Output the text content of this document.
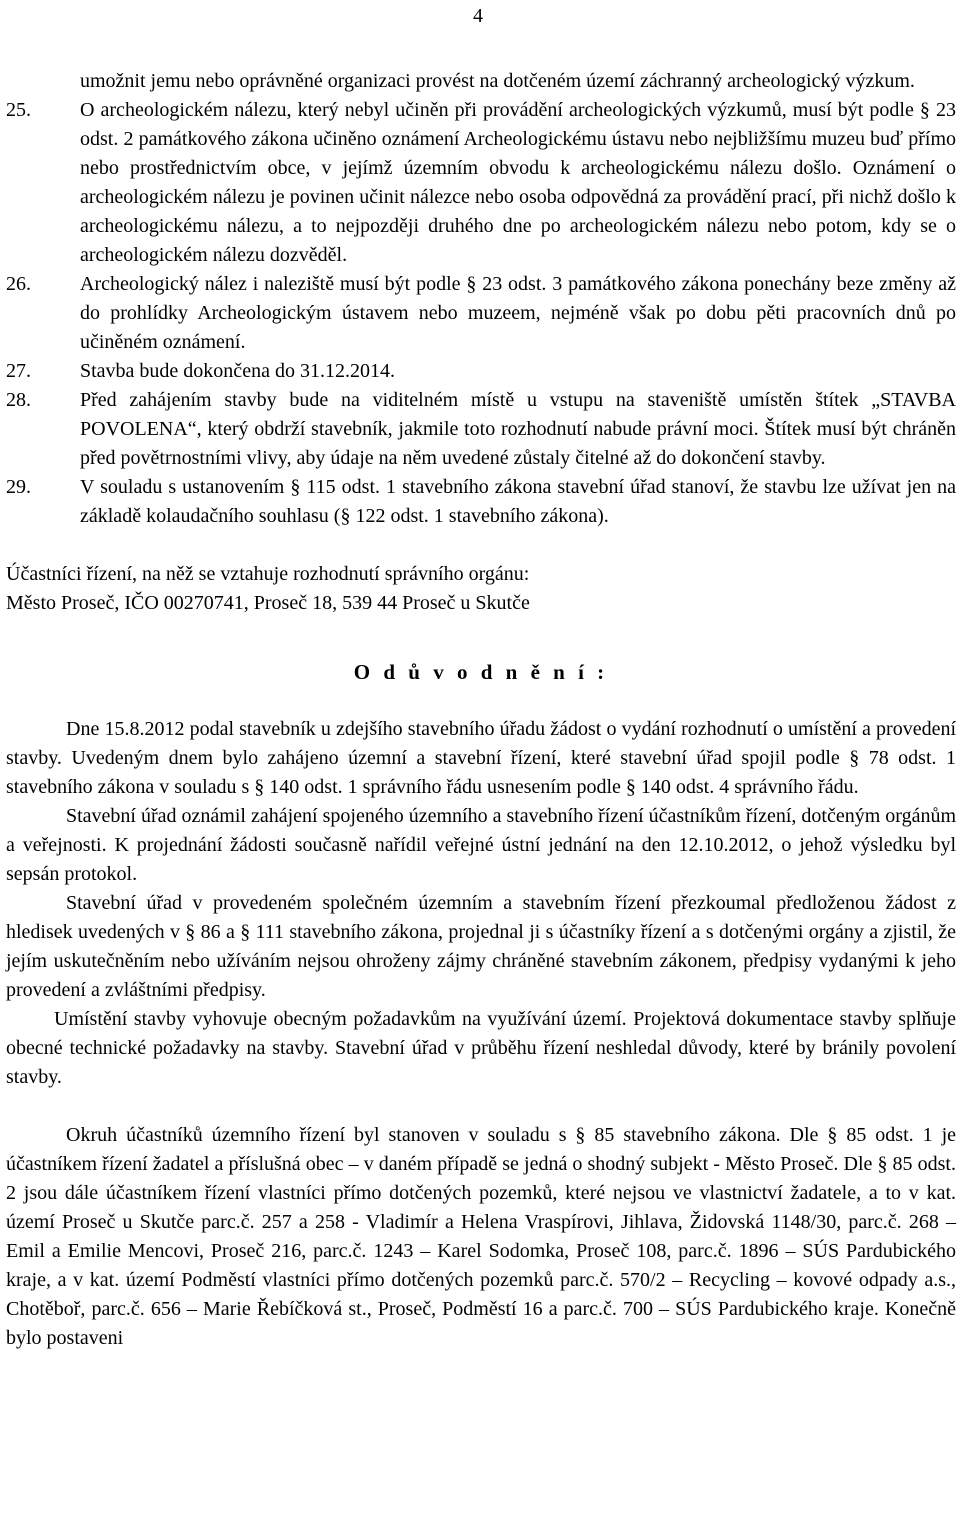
4
umožnit jemu nebo oprávněné organizaci provést na dotčeném území záchranný archeologický výzkum.
25.	O archeologickém nálezu, který nebyl učiněn při provádění archeologických výzkumů, musí být podle § 23 odst. 2 památkového zákona učiněno oznámení Archeologickému ústavu nebo nejbližšímu muzeu buď přímo nebo prostřednictvím obce, v jejímž územním obvodu k archeologickému nálezu došlo. Oznámení o archeologickém nálezu je povinen učinit nálezce nebo osoba odpovědná za provádění prací, při nichž došlo k archeologickému nálezu, a to nejpozději druhého dne po archeologickém nálezu nebo potom, kdy se o archeologickém nálezu dozvěděl.
26.	Archeologický nález i naleziště musí být podle § 23 odst. 3 památkového zákona ponechány beze změny až do prohlídky Archeologickým ústavem nebo muzeem, nejméně však po dobu pěti pracovních dnů po učiněném oznámení.
27.	Stavba bude dokončena do 31.12.2014.
28.	Před zahájením stavby bude na viditelném místě u vstupu na staveniště umístěn štítek „STAVBA POVOLENA“, který obdrží stavebník, jakmile toto rozhodnutí nabude právní moci. Štítek musí být chráněn před povětrnostními vlivy, aby údaje na něm uvedené zůstaly čitelné až do dokončení stavby.
29.	V souladu s ustanovením § 115 odst. 1 stavebního zákona stavební úřad stanoví, že stavbu lze užívat jen na základě kolaudačního souhlasu (§ 122 odst. 1 stavebního zákona).

Účastníci řízení, na něž se vztahuje rozhodnutí správního orgánu:

Město Proseč, IČO 00270741, Proseč 18, 539 44 Proseč u Skutče

O d ů v o d n ě n í :

Dne 15.8.2012 podal stavebník u zdejšího stavebního úřadu žádost o vydání rozhodnutí o umístění a provedení stavby. Uvedeným dnem bylo zahájeno územní a stavební řízení, které stavební úřad spojil podle § 78 odst. 1 stavebního zákona v souladu s § 140 odst. 1 správního řádu usnesením podle § 140 odst. 4 správního řádu.

Stavební úřad oznámil zahájení spojeného územního a stavebního řízení účastníkům řízení, dotčeným orgánům a veřejnosti. K projednání žádosti současně nařídil veřejné ústní jednání na den 12.10.2012, o jehož výsledku byl sepsán protokol.

Stavební úřad v provedeném společném územním a stavebním řízení přezkoumal předloženou žádost z hledisek uvedených v § 86 a § 111 stavebního zákona, projednal ji s účastníky řízení a s dotčenými orgány a zjistil, že jejím uskutečněním nebo užíváním nejsou ohroženy zájmy chráněné stavebním zákonem, předpisy vydanými k jeho provedení a zvláštními předpisy.

Umístění stavby vyhovuje obecným požadavkům na využívání území. Projektová dokumentace stavby splňuje obecné technické požadavky na stavby. Stavební úřad v průběhu řízení neshledal důvody, které by bránily povolení stavby.

Okruh účastníků územního řízení byl stanoven v souladu s § 85 stavebního zákona. Dle § 85 odst. 1 je účastníkem řízení žadatel a příslušná obec – v daném případě se jedná o shodný subjekt - Město Proseč. Dle § 85 odst. 2 jsou dále účastníkem řízení vlastníci přímo dotčených pozemků, které nejsou ve vlastnictví žadatele, a to v kat. území Proseč u Skutče parc.č. 257 a 258 - Vladimír a Helena Vraspírovi, Jihlava, Židovská 1148/30, parc.č. 268 – Emil a Emilie Mencovi, Proseč 216, parc.č. 1243 – Karel Sodomka, Proseč 108, parc.č. 1896 – SÚS Pardubického kraje, a v kat. území Podměstí vlastníci přímo dotčených pozemků parc.č. 570/2 – Recycling – kovové odpady a.s., Chotěboř, parc.č. 656 – Marie Řebíčková st., Proseč, Podměstí 16 a parc.č. 700 – SÚS Pardubického kraje. Konečně bylo postaveni
